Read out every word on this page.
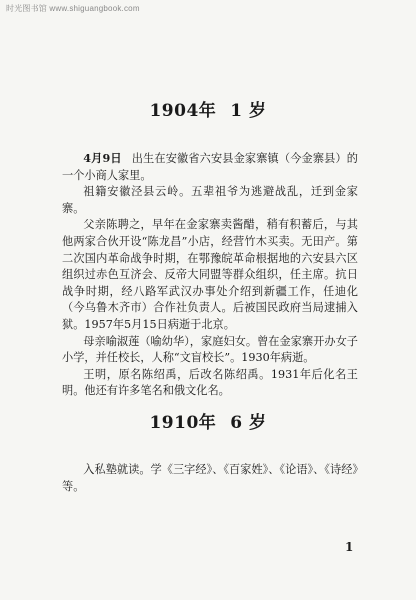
时光图书馆 www.shiguangbook.com
1904年 1 岁

4月9日 出生在安徽省六安县金家寨镇（今金寨县）的一个小商人家里。

祖籍安徽泾县云岭。五辈祖爷为逃避战乱，迁到金家寨。

父亲陈聘之，早年在金家寨卖酱醋，稍有积蓄后，与其他两家合伙开设“陈龙昌”小店，经营竹木买卖。无田产。第二次国内革命战争时期，在鄂豫皖革命根据地的六安县六区组织过赤色互济会、反帝大同盟等群众组织，任主席。抗日战争时期，经八路军武汉办事处介绍到新疆工作，任迪化（今乌鲁木齐市）合作社负责人。后被国民政府当局逮捕入狱。1957年5月15日病逝于北京。

母亲喻淑莲（喻幼华），家庭妇女。曾在金家寨开办女子小学，并任校长，人称“文盲校长”。1930年病逝。

王明，原名陈绍禹，后改名陈绍禹。1931年后化名王明。他还有许多笔名和俄文化名。

1910年 6 岁

入私塾就读。学《三字经》、《百家姓》、《论语》、《诗经》等。

1
